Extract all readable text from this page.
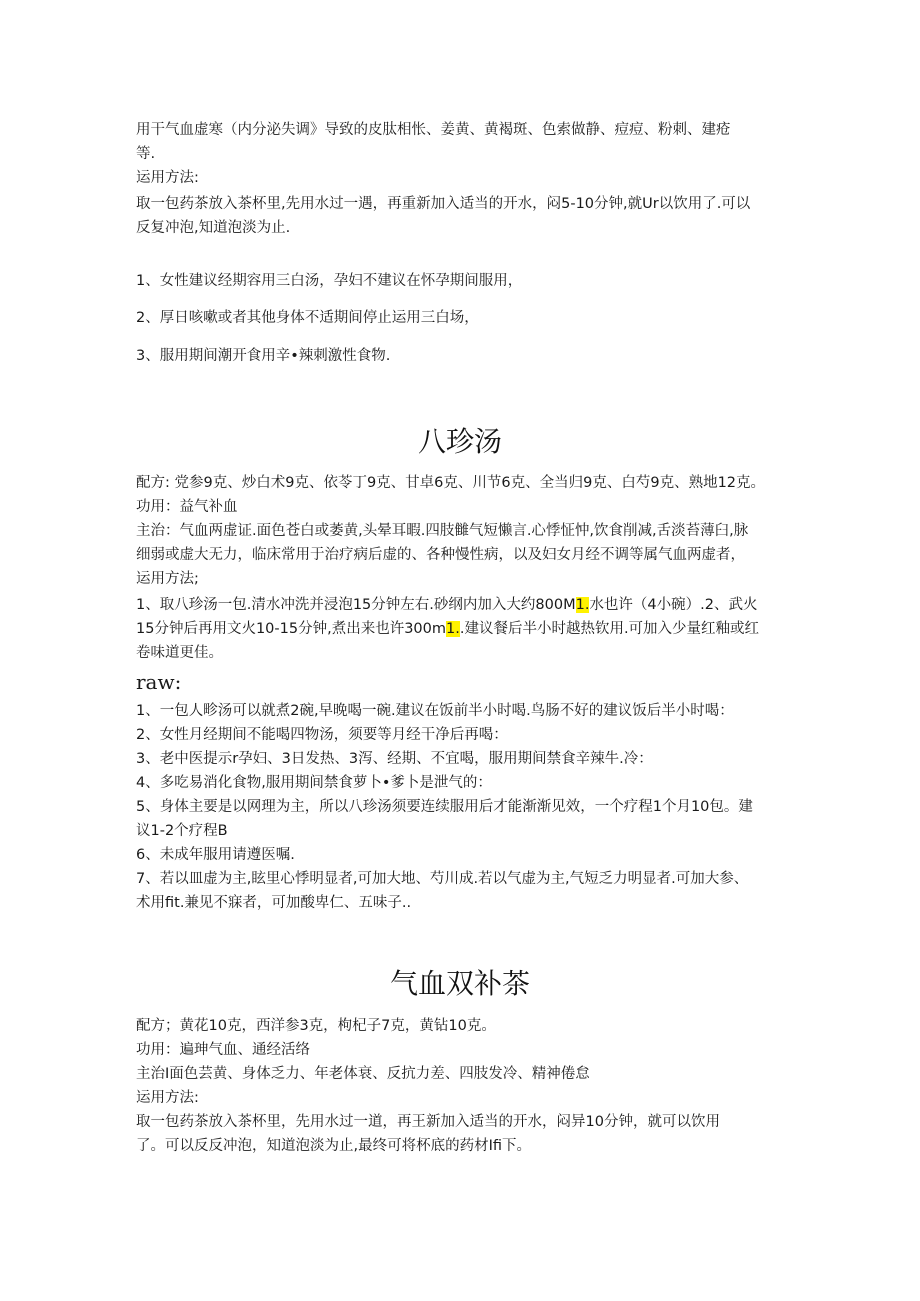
用干气血虚寒（内分泌失调》导致的皮肽相怅、姜黄、黄褐斑、色索做静、痘痘、粉刺、建疮
等.
运用方法:
取一包药茶放入茶杯里,先用水过一遇，再重新加入适当的开水，闷5-10分钟,就Ur以饮用了.可以
反复冲泡,知道泡淡为止.
1、女性建议经期容用三白汤，孕妇不建议在怀孕期间服用，
2、厚日咳嗽或者其他身体不适期间停止运用三白场，
3、服用期间潮开食用辛•辣刺激性食物.
八珍汤
配方: 党参9克、炒白术9克、依苓丁9克、甘卓6克、川节6克、全当归9克、白芍9克、熟地12克。
功用：益气补血
主治：气血两虚证.面色苍白或萎黄,头晕耳暇.四肢雠气短懒言.心悸怔忡,饮食削减,舌淡苔薄臼,脉
细弱或虚大无力，临床常用于治疗病后虚的、各种慢性病，以及妇女月经不调等属气血两虚者，
运用方法;
1、取八珍汤一包.清水冲洗并浸泡15分钟左右.砂纲内加入大约800M1.水也许（4小碗）.2、武火
15分钟后再用文火10-15分钟,煮出来也许300m1..建议餐后半小时越热钦用.可加入少量红釉或红
卷味道更佳。
raw:
1、一包人畛汤可以就煮2碗,早晚喝一碗.建议在饭前半小时喝.鸟肠不好的建议饭后半小时喝：
2、女性月经期间不能喝四物汤，须要等月经干净后再喝：
3、老中医提示r孕妇、3日发热、3泻、经期、不宜喝，服用期间禁食辛辣牛.冷：
4、多吃易消化食物,服用期间禁食萝卜•爹卜是泄气的：
5、身体主要是以网理为主，所以八珍汤须要连续服用后才能渐渐见效，一个疗程1个月10包。建
议1-2个疗程B
6、未成年服用请遵医嘱.
7、若以皿虚为主,眩里心悸明显者,可加大地、芍川成.若以气虚为主,气短乏力明显者.可加大参、
术用fit.兼见不寐者，可加酸卑仁、五味子..
气血双补茶
配方；黄花10克，西洋参3克，枸杞子7克，黄钻10克。
功用：遍珅气血、通经活络
主治I面色芸黄、身体乏力、年老体衰、反抗力差、四肢发冷、精神倦怠
运用方法:
取一包药茶放入茶杯里，先用水过一道，再王新加入适当的开水，闷异10分钟，就可以饮用
了。可以反反冲泡，知道泡淡为止,最终可将杯底的药材Ifi下。
